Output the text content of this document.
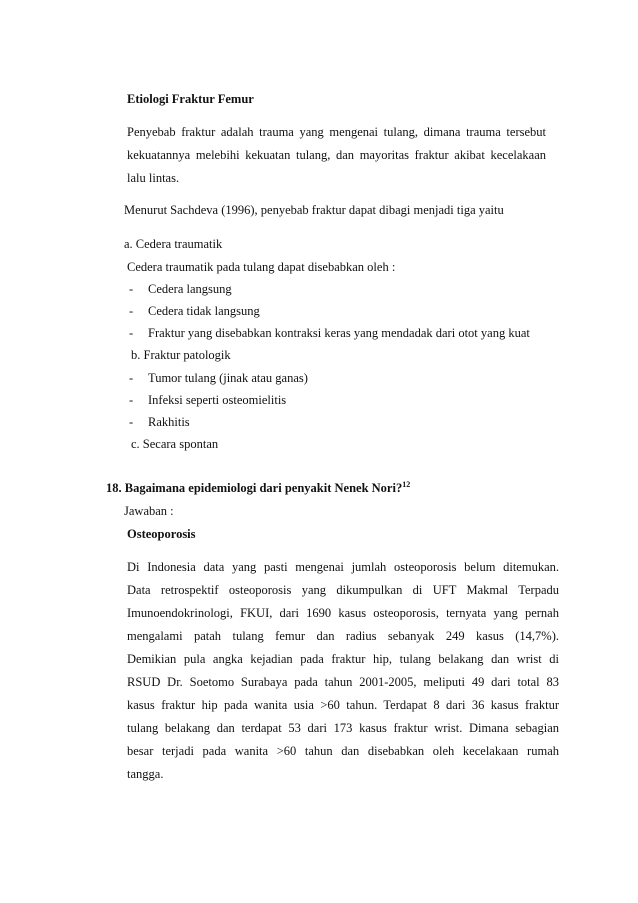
Etiologi Fraktur Femur
Penyebab fraktur adalah trauma yang mengenai tulang, dimana trauma tersebut
kekuatannya melebihi kekuatan tulang, dan mayoritas fraktur akibat kecelakaan
lalu lintas.
Menurut Sachdeva (1996), penyebab fraktur dapat dibagi menjadi tiga yaitu
a. Cedera traumatik
Cedera traumatik pada tulang dapat disebabkan oleh :
- Cedera langsung
- Cedera tidak langsung
- Fraktur yang disebabkan kontraksi keras yang mendadak dari otot yang kuat
b. Fraktur patologik
- Tumor tulang (jinak atau ganas)
- Infeksi seperti osteomielitis
- Rakhitis
c. Secara spontan
18. Bagaimana epidemiologi dari penyakit Nenek Nori?$^{12}$
Jawaban :
Osteoporosis
Di Indonesia data yang pasti mengenai jumlah osteoporosis belum ditemukan.
Data retrospektif osteoporosis yang dikumpulkan di UFT Makmal Terpadu
Imunoendokrinologi, FKUI, dari 1690 kasus osteoporosis, ternyata yang pernah
mengalami patah tulang femur dan radius sebanyak 249 kasus (14,7%).
Demikian pula angka kejadian pada fraktur hip, tulang belakang dan wrist di
RSUD Dr. Soetomo Surabaya pada tahun 2001-2005, meliputi 49 dari total 83
kasus fraktur hip pada wanita usia >60 tahun. Terdapat 8 dari 36 kasus fraktur
tulang belakang dan terdapat 53 dari 173 kasus fraktur wrist. Dimana sebagian
besar terjadi pada wanita >60 tahun dan disebabkan oleh kecelakaan rumah
tangga.
